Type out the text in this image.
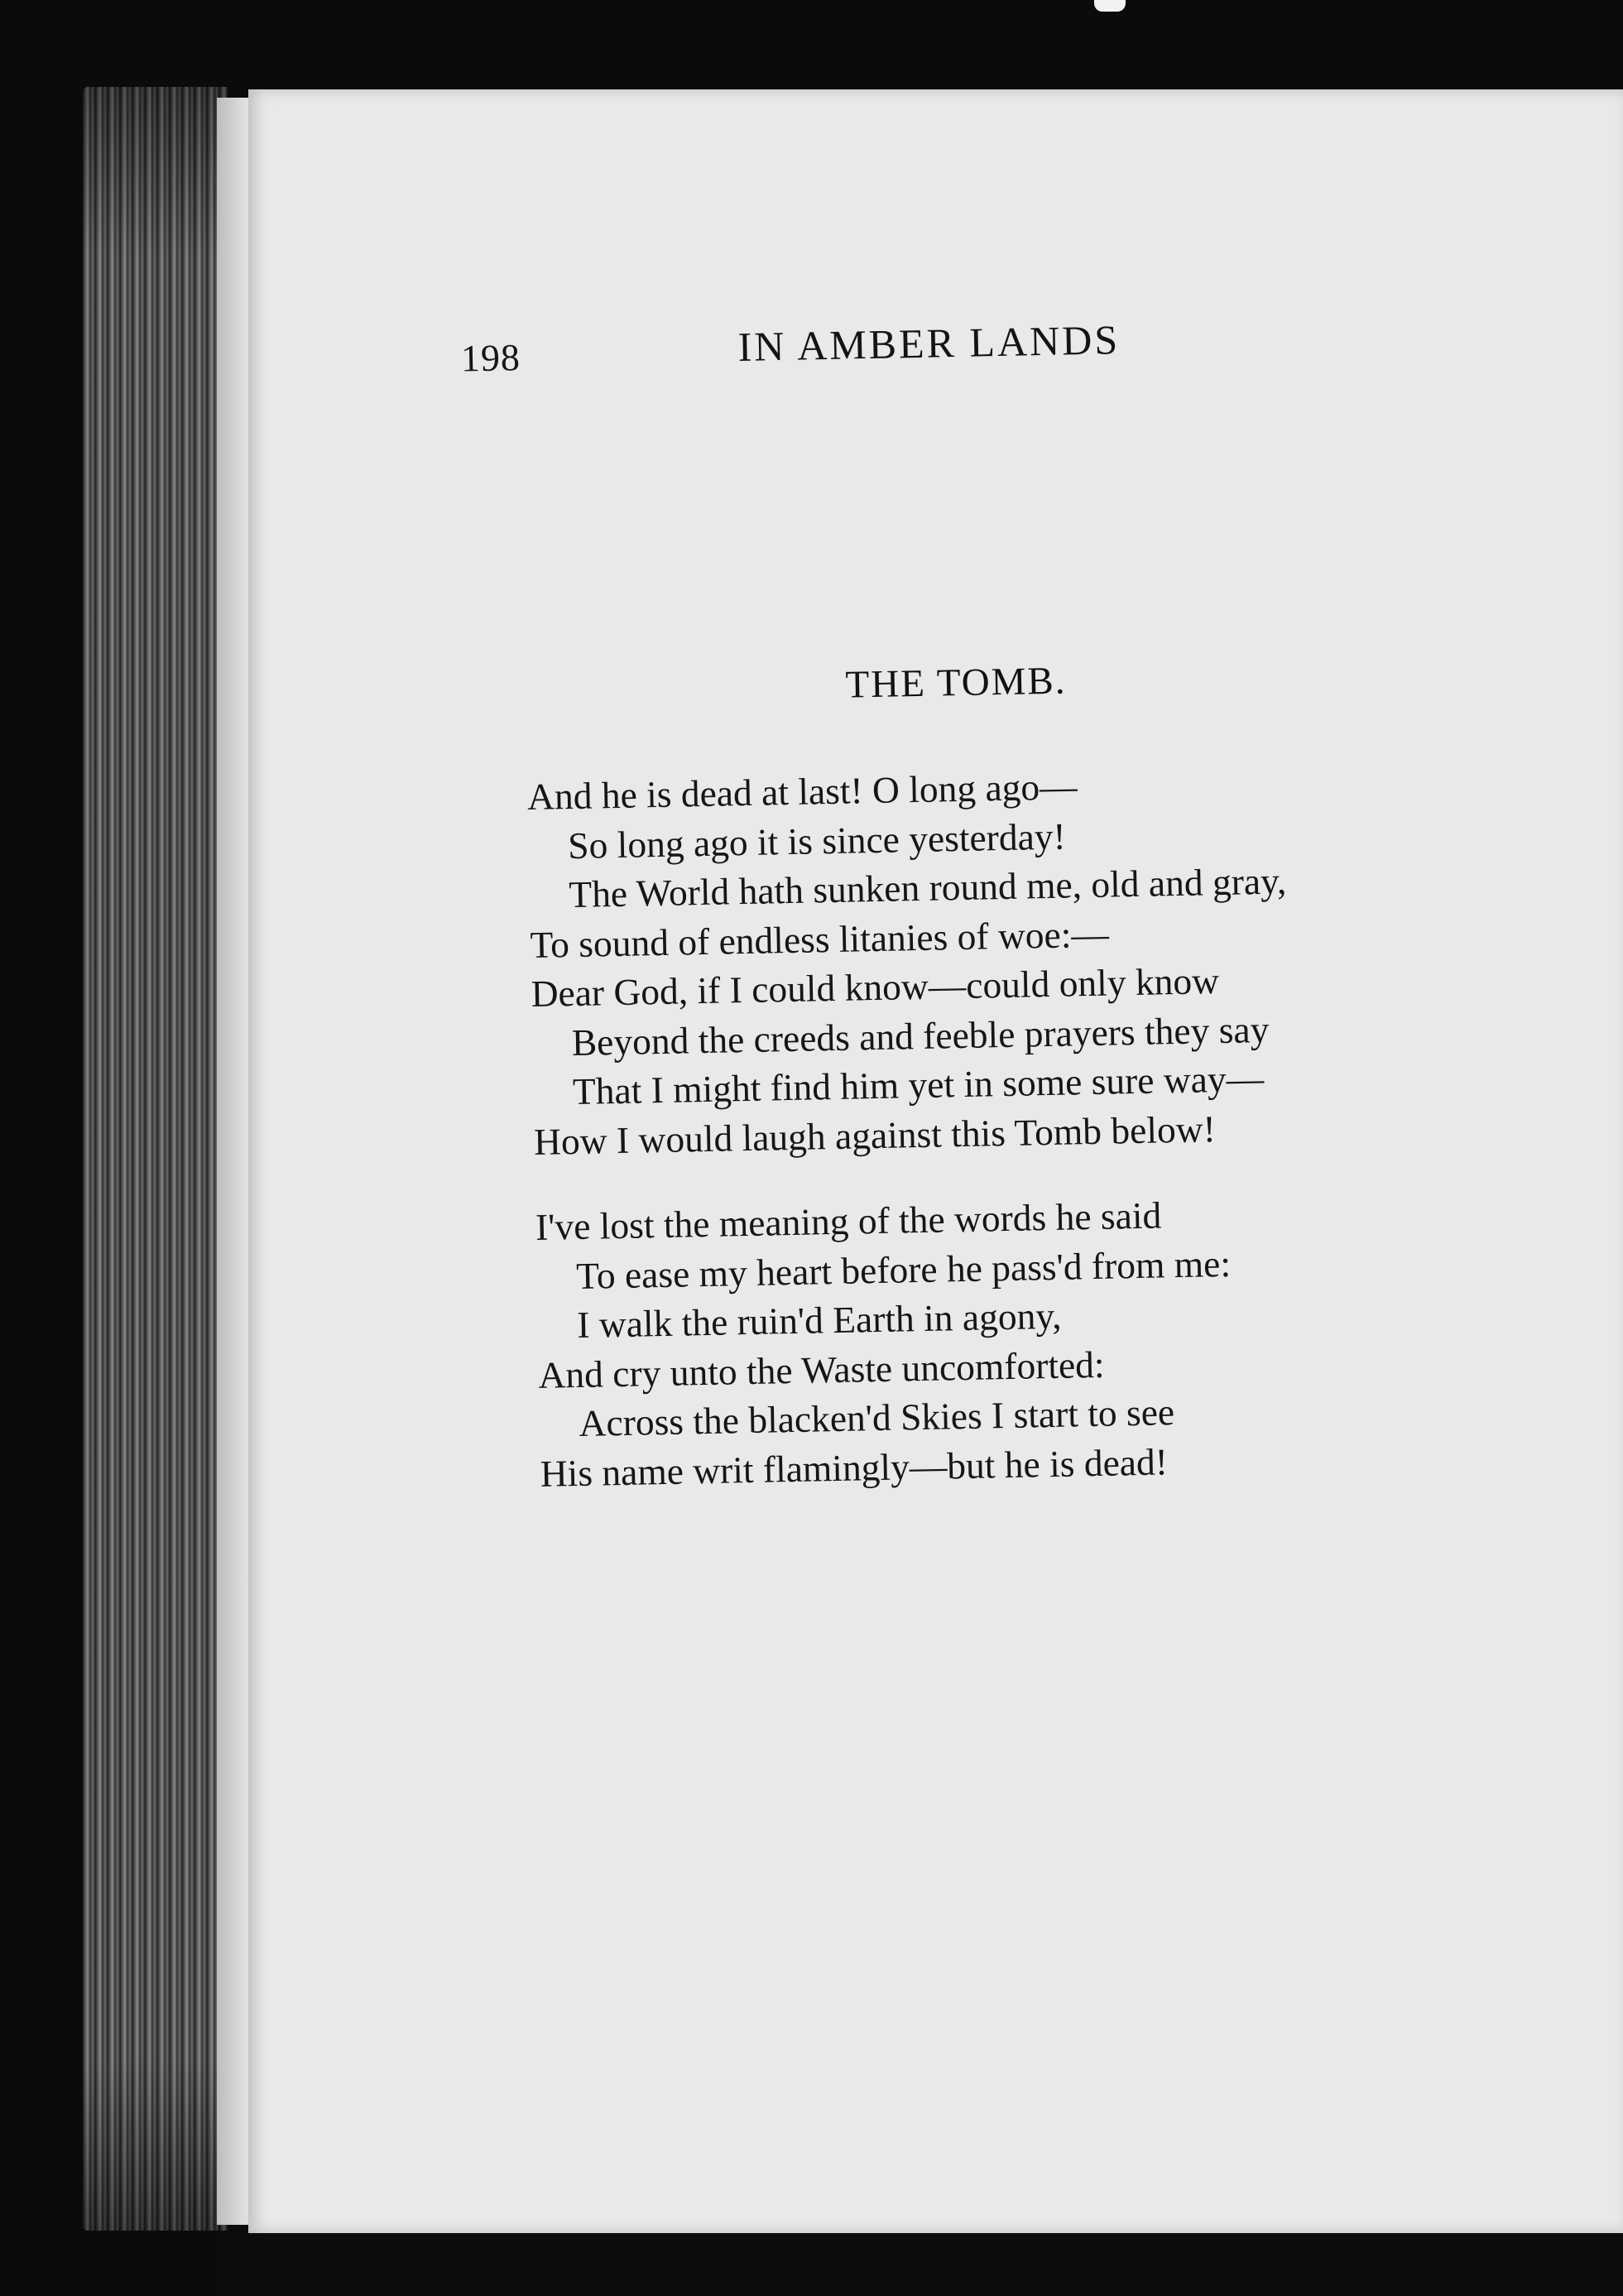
198	IN AMBER LANDS
THE TOMB.
And he is dead at last! O long ago—
So long ago it is since yesterday!
The World hath sunken round me, old and gray,
To sound of endless litanies of woe:—
Dear God, if I could know—could only know
Beyond the creeds and feeble prayers they say
That I might find him yet in some sure way—
How I would laugh against this Tomb below!
I've lost the meaning of the words he said
To ease my heart before he pass'd from me:
I walk the ruin'd Earth in agony,
And cry unto the Waste uncomforted:
Across the blacken'd Skies I start to see
His name writ flamingly—but he is dead!
